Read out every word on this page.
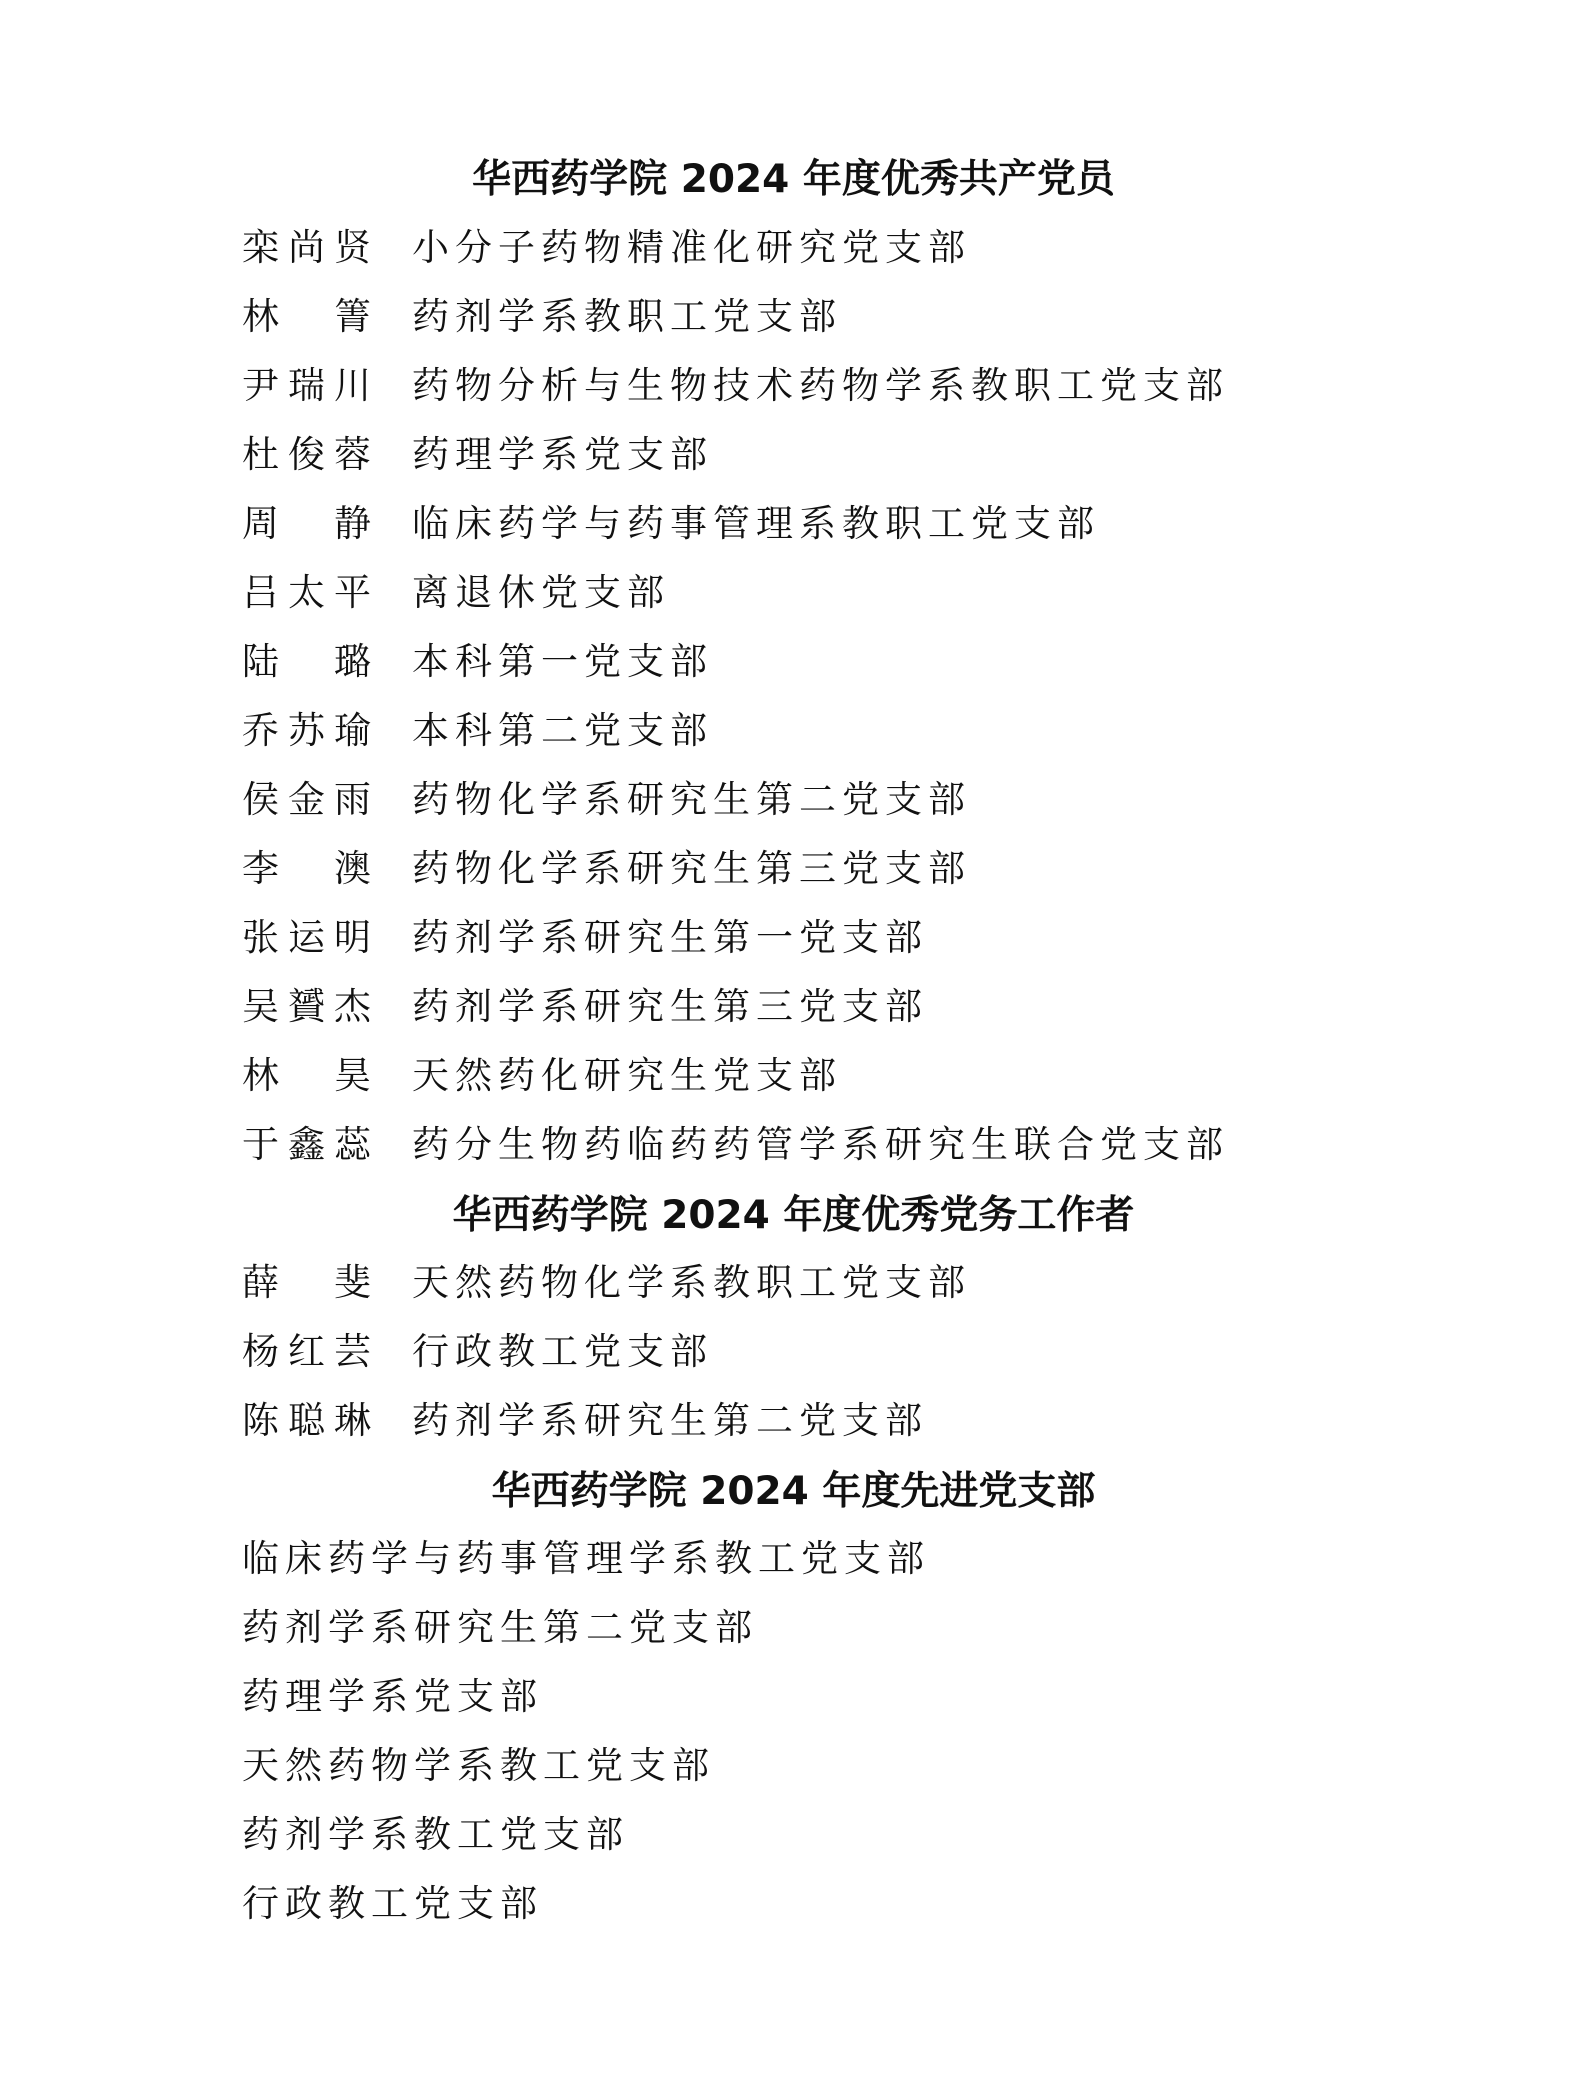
华西药学院 2024 年度优秀共产党员
栾尚贤 小分子药物精准化研究党支部
林 箐 药剂学系教职工党支部
尹瑞川 药物分析与生物技术药物学系教职工党支部
杜俊蓉 药理学系党支部
周 静 临床药学与药事管理系教职工党支部
吕太平 离退休党支部
陆 璐 本科第一党支部
乔苏瑜 本科第二党支部
侯金雨 药物化学系研究生第二党支部
李 澳 药物化学系研究生第三党支部
张运明 药剂学系研究生第一党支部
吴贇杰 药剂学系研究生第三党支部
林 昊 天然药化研究生党支部
于鑫蕊 药分生物药临药药管学系研究生联合党支部
华西药学院 2024 年度优秀党务工作者
薛 斐 天然药物化学系教职工党支部
杨红芸 行政教工党支部
陈聪琳 药剂学系研究生第二党支部
华西药学院 2024 年度先进党支部
临床药学与药事管理学系教工党支部
药剂学系研究生第二党支部
药理学系党支部
天然药物学系教工党支部
药剂学系教工党支部
行政教工党支部
